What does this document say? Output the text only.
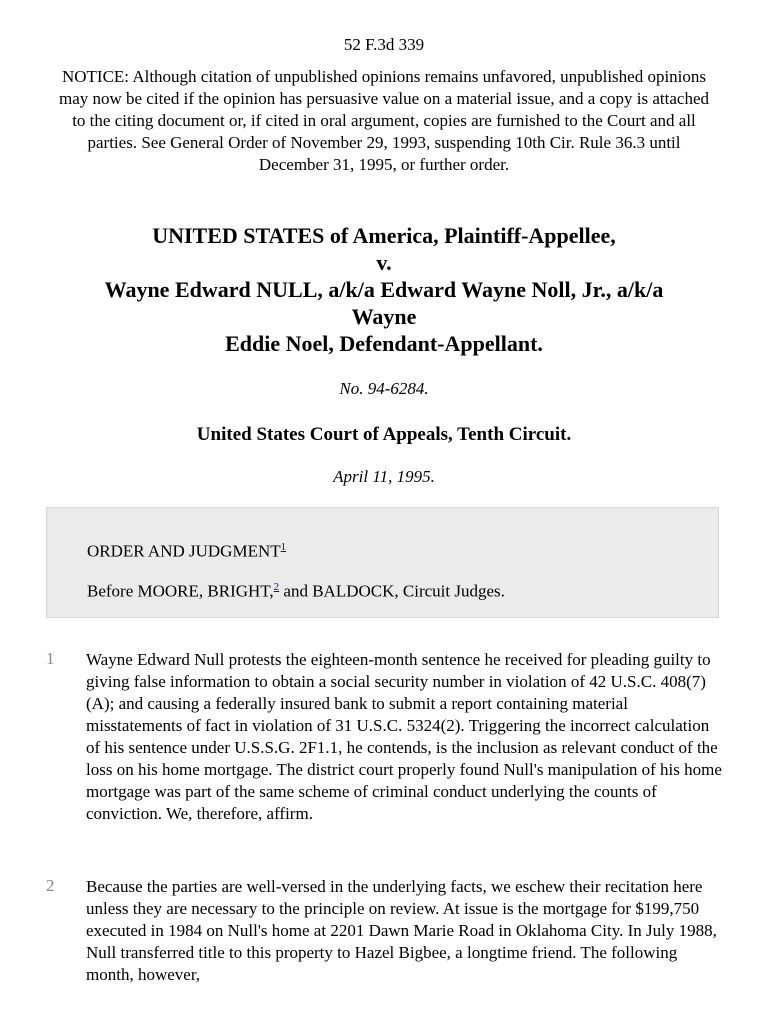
52 F.3d 339
NOTICE: Although citation of unpublished opinions remains unfavored, unpublished opinions may now be cited if the opinion has persuasive value on a material issue, and a copy is attached to the citing document or, if cited in oral argument, copies are furnished to the Court and all parties. See General Order of November 29, 1993, suspending 10th Cir. Rule 36.3 until December 31, 1995, or further order.
UNITED STATES of America, Plaintiff-Appellee,
v.
Wayne Edward NULL, a/k/a Edward Wayne Noll, Jr., a/k/a
Wayne
Eddie Noel, Defendant-Appellant.
No. 94-6284.
United States Court of Appeals, Tenth Circuit.
April 11, 1995.
ORDER AND JUDGMENT$^1$
Before MOORE, BRIGHT,$^2$ and BALDOCK, Circuit Judges.
1 Wayne Edward Null protests the eighteen-month sentence he received for pleading guilty to giving false information to obtain a social security number in violation of 42 U.S.C. 408(7)(A); and causing a federally insured bank to submit a report containing material misstatements of fact in violation of 31 U.S.C. 5324(2). Triggering the incorrect calculation of his sentence under U.S.S.G. 2F1.1, he contends, is the inclusion as relevant conduct of the loss on his home mortgage. The district court properly found Null's manipulation of his home mortgage was part of the same scheme of criminal conduct underlying the counts of conviction. We, therefore, affirm.
2 Because the parties are well-versed in the underlying facts, we eschew their recitation here unless they are necessary to the principle on review. At issue is the mortgage for $199,750 executed in 1984 on Null's home at 2201 Dawn Marie Road in Oklahoma City. In July 1988, Null transferred title to this property to Hazel Bigbee, a longtime friend. The following month, however,
